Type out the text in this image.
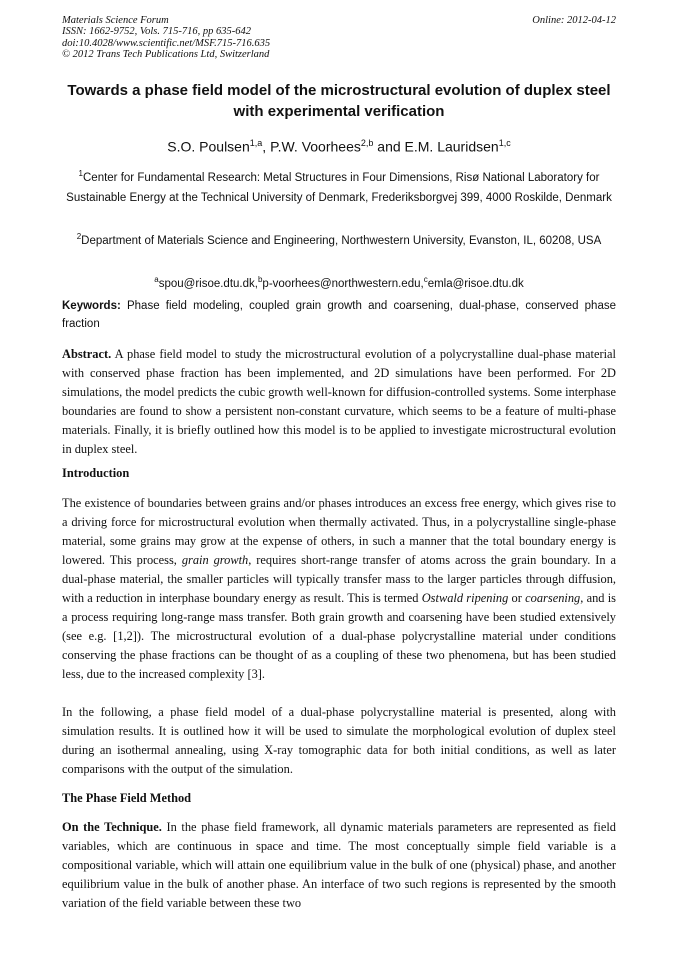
Materials Science Forum
ISSN: 1662-9752, Vols. 715-716, pp 635-642
doi:10.4028/www.scientific.net/MSF.715-716.635
© 2012 Trans Tech Publications Ltd, Switzerland
Online: 2012-04-12
Towards a phase field model of the microstructural evolution of duplex steel with experimental verification
S.O. Poulsen$^{1,a}$, P.W. Voorhees$^{2,b}$ and E.M. Lauridsen$^{1,c}$
$^1$Center for Fundamental Research: Metal Structures in Four Dimensions, Risø National Laboratory for Sustainable Energy at the Technical University of Denmark, Frederiksborgvej 399, 4000 Roskilde, Denmark
$^2$Department of Materials Science and Engineering, Northwestern University, Evanston, IL, 60208, USA
$^a$spou@risoe.dtu.dk,$^b$p-voorhees@northwestern.edu,$^c$emla@risoe.dtu.dk
Keywords: Phase field modeling, coupled grain growth and coarsening, dual-phase, conserved phase fraction
Abstract. A phase field model to study the microstructural evolution of a polycrystalline dual-phase material with conserved phase fraction has been implemented, and 2D simulations have been performed. For 2D simulations, the model predicts the cubic growth well-known for diffusion-controlled systems. Some interphase boundaries are found to show a persistent non-constant curvature, which seems to be a feature of multi-phase materials. Finally, it is briefly outlined how this model is to be applied to investigate microstructural evolution in duplex steel.
Introduction
The existence of boundaries between grains and/or phases introduces an excess free energy, which gives rise to a driving force for microstructural evolution when thermally activated. Thus, in a polycrystalline single-phase material, some grains may grow at the expense of others, in such a manner that the total boundary energy is lowered. This process, grain growth, requires short-range transfer of atoms across the grain boundary. In a dual-phase material, the smaller particles will typically transfer mass to the larger particles through diffusion, with a reduction in interphase boundary energy as result. This is termed Ostwald ripening or coarsening, and is a process requiring long-range mass transfer. Both grain growth and coarsening have been studied extensively (see e.g. [1,2]). The microstructural evolution of a dual-phase polycrystalline material under conditions conserving the phase fractions can be thought of as a coupling of these two phenomena, but has been studied less, due to the increased complexity [3].
In the following, a phase field model of a dual-phase polycrystalline material is presented, along with simulation results. It is outlined how it will be used to simulate the morphological evolution of duplex steel during an isothermal annealing, using X-ray tomographic data for both initial conditions, as well as later comparisons with the output of the simulation.
The Phase Field Method
On the Technique. In the phase field framework, all dynamic materials parameters are represented as field variables, which are continuous in space and time. The most conceptually simple field variable is a compositional variable, which will attain one equilibrium value in the bulk of one (physical) phase, and another equilibrium value in the bulk of another phase. An interface of two such regions is represented by the smooth variation of the field variable between these two
